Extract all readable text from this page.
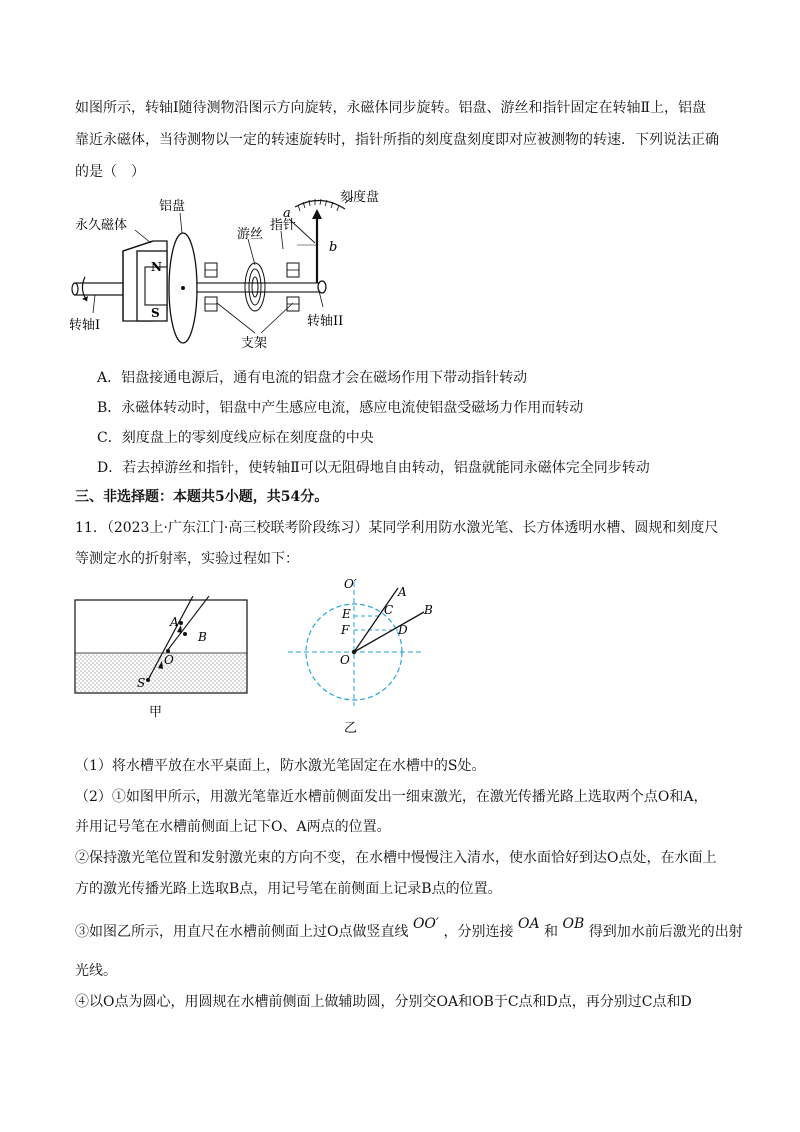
如图所示，转轴Ⅰ随待测物沿图示方向旋转，永磁体同步旋转。铝盘、游丝和指针固定在转轴Ⅱ上，铝盘
靠近永磁体，当待测物以一定的转速旋转时，指针所指的刻度盘刻度即对应被测物的转速．下列说法正确
的是（　）
N
S
永久磁体
铝盘
游丝
指针
刻度盘
a
b
转轴I	转轴II
支架
A．铝盘接通电源后，通有电流的铝盘才会在磁场作用下带动指针转动
B．永磁体转动时，铝盘中产生感应电流，感应电流使铝盘受磁场力作用而转动
C．刻度盘上的零刻度线应标在刻度盘的中央
D．若去掉游丝和指针，使转轴Ⅱ可以无阻碍地自由转动，铝盘就能同永磁体完全同步转动
三、非选择题：本题共5小题，共54分。
11．（2023上·广东江门·高三校联考阶段练习）某同学利用防水激光笔、长方体透明水槽、圆规和刻度尺
等测定水的折射率，实验过程如下：
A
B
O
S
甲
O′
A
B
C
D
E
F
O
乙
（1）将水槽平放在水平桌面上，防水激光笔固定在水槽中的S处。
（2）①如图甲所示，用激光笔靠近水槽前侧面发出一细束激光，在激光传播光路上选取两个点O和A，
并用记号笔在水槽前侧面上记下O、A两点的位置。
②保持激光笔位置和发射激光束的方向不变，在水槽中慢慢注入清水，使水面恰好到达O点处，在水面上
方的激光传播光路上选取B点，用记号笔在前侧面上记录B点的位置。
③如图乙所示，用直尺在水槽前侧面上过O点做竖直线 OO′ ，分别连接 OA 和 OB 得到加水前后激光的出射
光线。
④以O点为圆心，用圆规在水槽前侧面上做辅助圆，分别交OA和OB于C点和D点，再分别过C点和D
